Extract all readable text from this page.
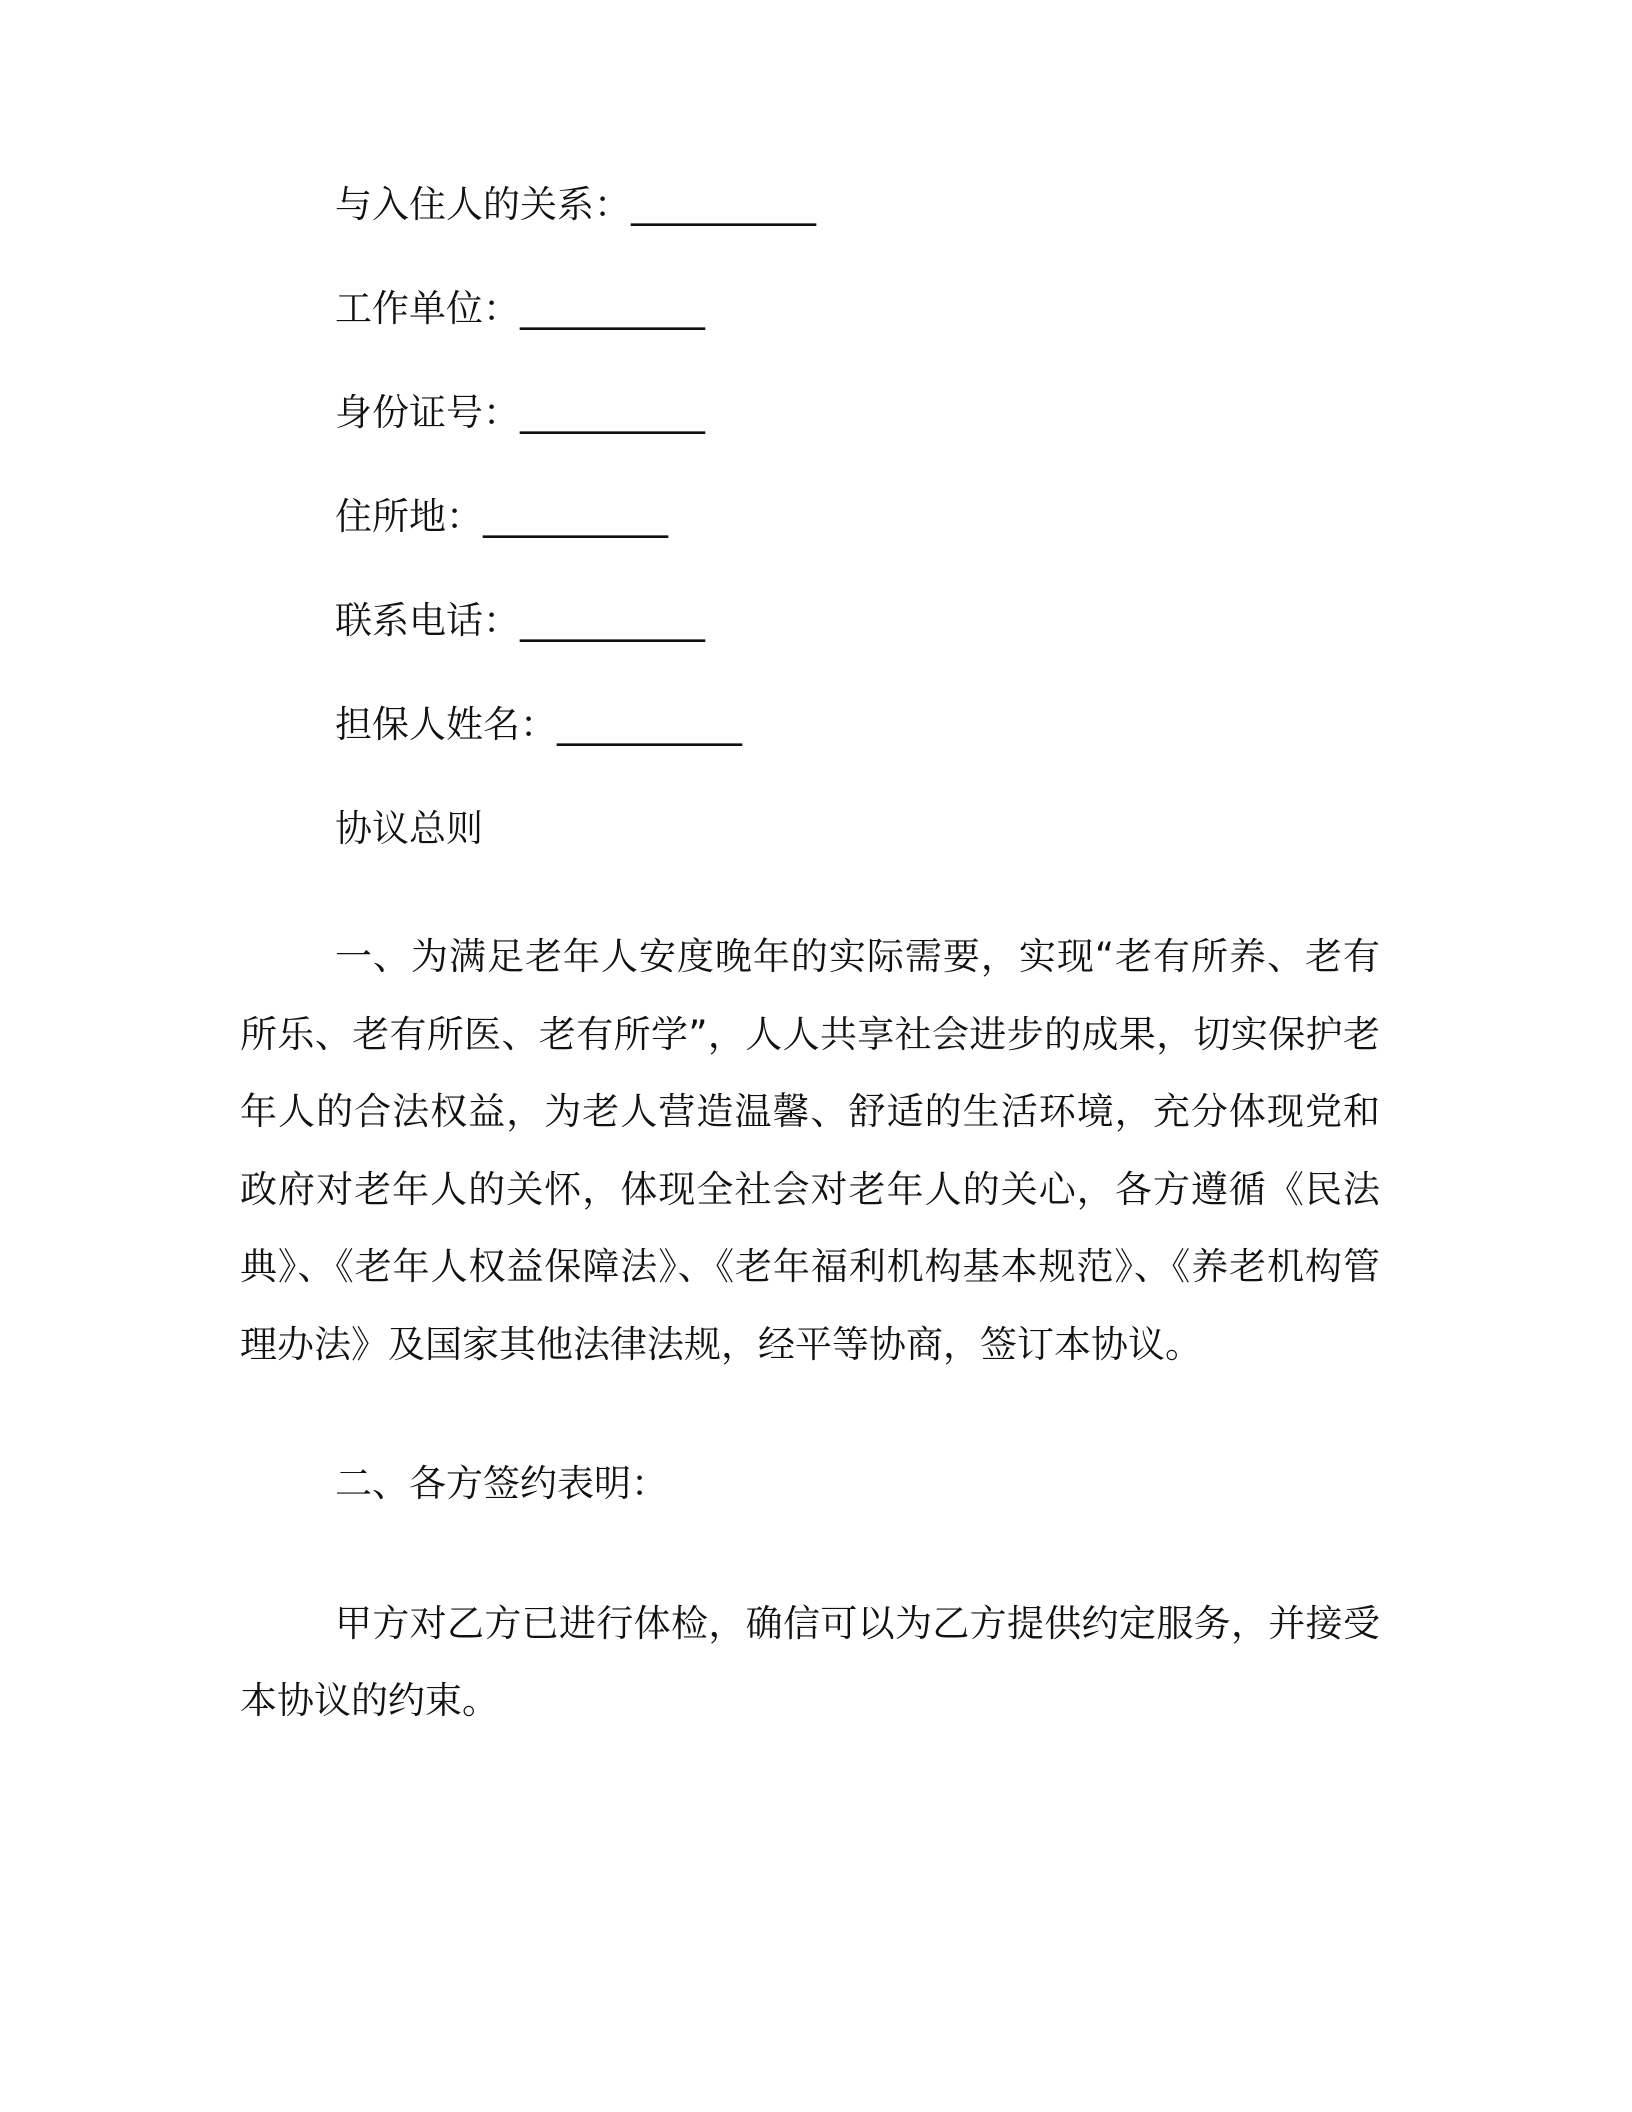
与入住人的关系：__________
工作单位：__________
身份证号：__________
住所地：__________
联系电话：__________
担保人姓名：__________
协议总则

一、为满足老年人安度晚年的实际需要，实现“老有所养、老有所乐、老有所医、老有所学”，人人共享社会进步的成果，切实保护老年人的合法权益，为老人营造温馨、舒适的生活环境，充分体现党和政府对老年人的关怀，体现全社会对老年人的关心，各方遵循《民法典》、《老年人权益保障法》、《老年福利机构基本规范》、《养老机构管理办法》及国家其他法律法规，经平等协商，签订本协议。

二、各方签约表明：

甲方对乙方已进行体检，确信可以为乙方提供约定服务，并接受本协议的约束。
